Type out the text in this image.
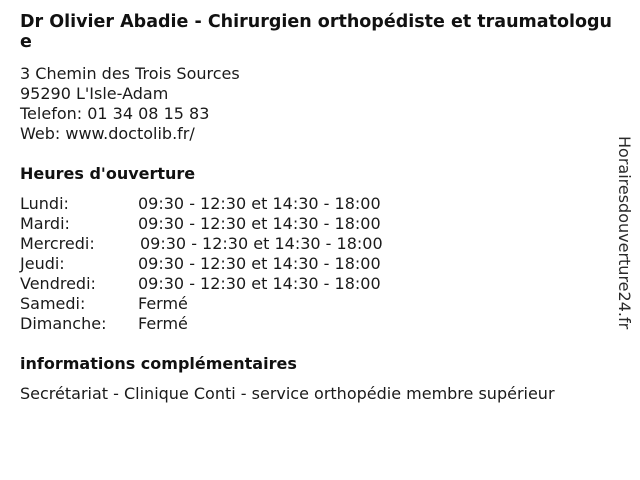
Dr Olivier Abadie - Chirurgien orthopédiste et traumatologue
3 Chemin des Trois Sources
95290 L'Isle-Adam
Telefon: 01 34 08 15 83
Web: www.doctolib.fr/
Heures d'ouverture
Lundi:	09:30 - 12:30 et 14:30 - 18:00
Mardi:	09:30 - 12:30 et 14:30 - 18:00
Mercredi:	09:30 - 12:30 et 14:30 - 18:00
Jeudi:	09:30 - 12:30 et 14:30 - 18:00
Vendredi:	09:30 - 12:30 et 14:30 - 18:00
Samedi:	Fermé
Dimanche: Fermé
informations complémentaires
Secrétariat - Clinique Conti - service orthopédie membre supérieur
Horairesdouverture24.fr
